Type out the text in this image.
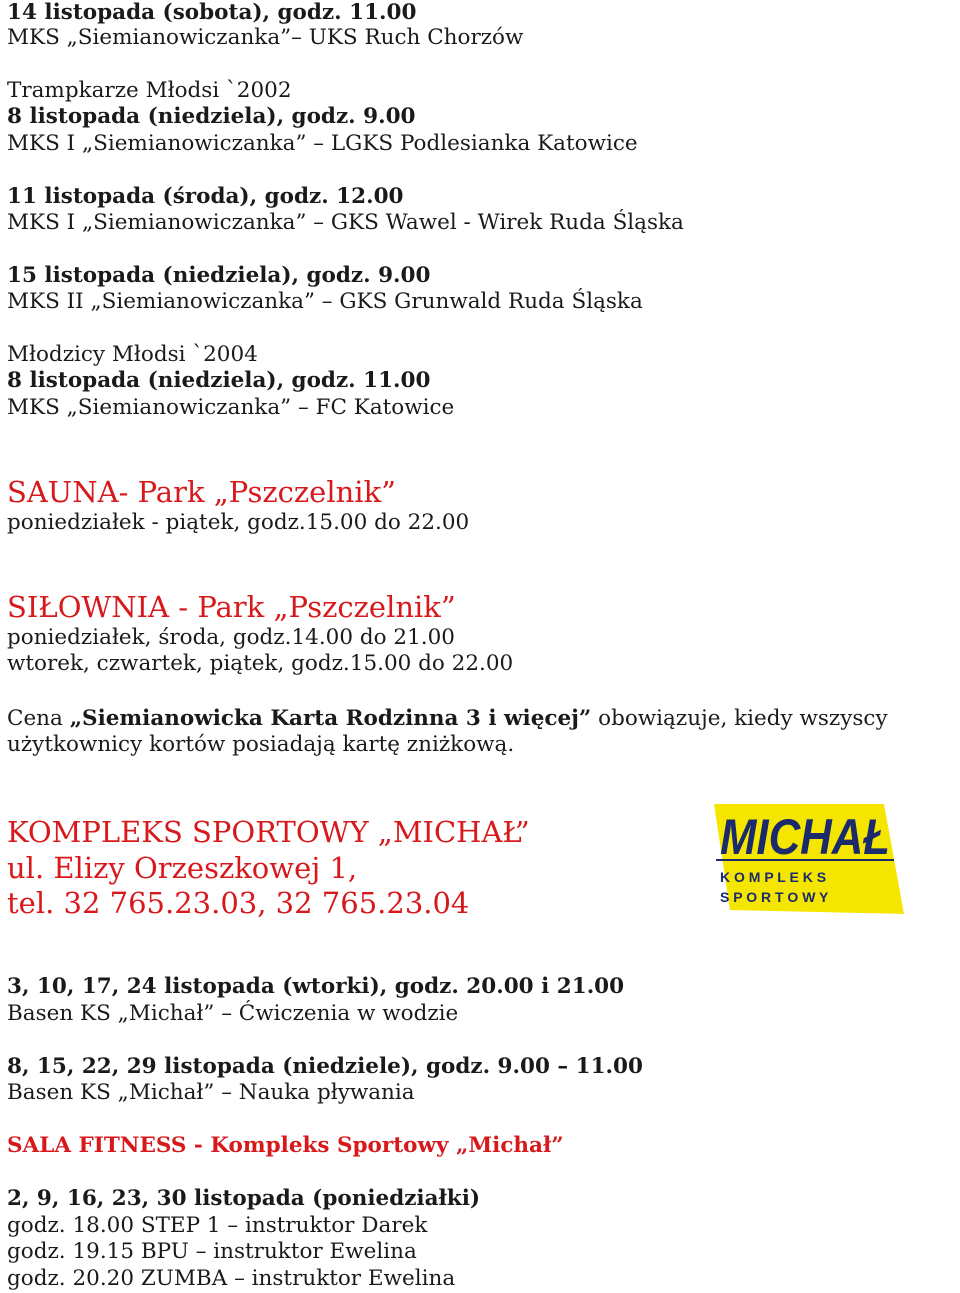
14 listopada (sobota), godz. 11.00
MKS „Siemianowiczanka”– UKS Ruch Chorzów
Trampkarze Młodsi `2002
8 listopada (niedziela), godz. 9.00
MKS I „Siemianowiczanka” – LGKS Podlesianka Katowice
11 listopada (środa), godz. 12.00
MKS I „Siemianowiczanka” – GKS Wawel - Wirek Ruda Śląska
15 listopada (niedziela), godz. 9.00
MKS II „Siemianowiczanka” – GKS Grunwald Ruda Śląska
Młodzicy Młodsi `2004
8 listopada (niedziela), godz. 11.00
MKS „Siemianowiczanka” – FC Katowice
SAUNA- Park „Pszczelnik”
poniedziałek - piątek, godz.15.00 do 22.00
SIŁOWNIA - Park „Pszczelnik”
poniedziałek, środa, godz.14.00 do 21.00
wtorek, czwartek, piątek, godz.15.00 do 22.00
Cena „Siemianowicka Karta Rodzinna 3 i więcej” obowiązuje, kiedy wszyscy
użytkownicy kortów posiadają kartę zniżkową.
KOMPLEKS SPORTOWY „MICHAŁ”
ul. Elizy Orzeszkowej 1,
tel. 32 765.23.03, 32 765.23.04
MICHAŁ
K O M P L E K S
S P O R T O W Y
3, 10, 17, 24 listopada (wtorki), godz. 20.00 i 21.00
Basen KS „Michał” – Ćwiczenia w wodzie
8, 15, 22, 29 listopada (niedziele), godz. 9.00 – 11.00
Basen KS „Michał” – Nauka pływania
SALA FITNESS - Kompleks Sportowy „Michał”
2, 9, 16, 23, 30 listopada (poniedziałki)
godz. 18.00 STEP 1 – instruktor Darek
godz. 19.15 BPU – instruktor Ewelina
godz. 20.20 ZUMBA – instruktor Ewelina
